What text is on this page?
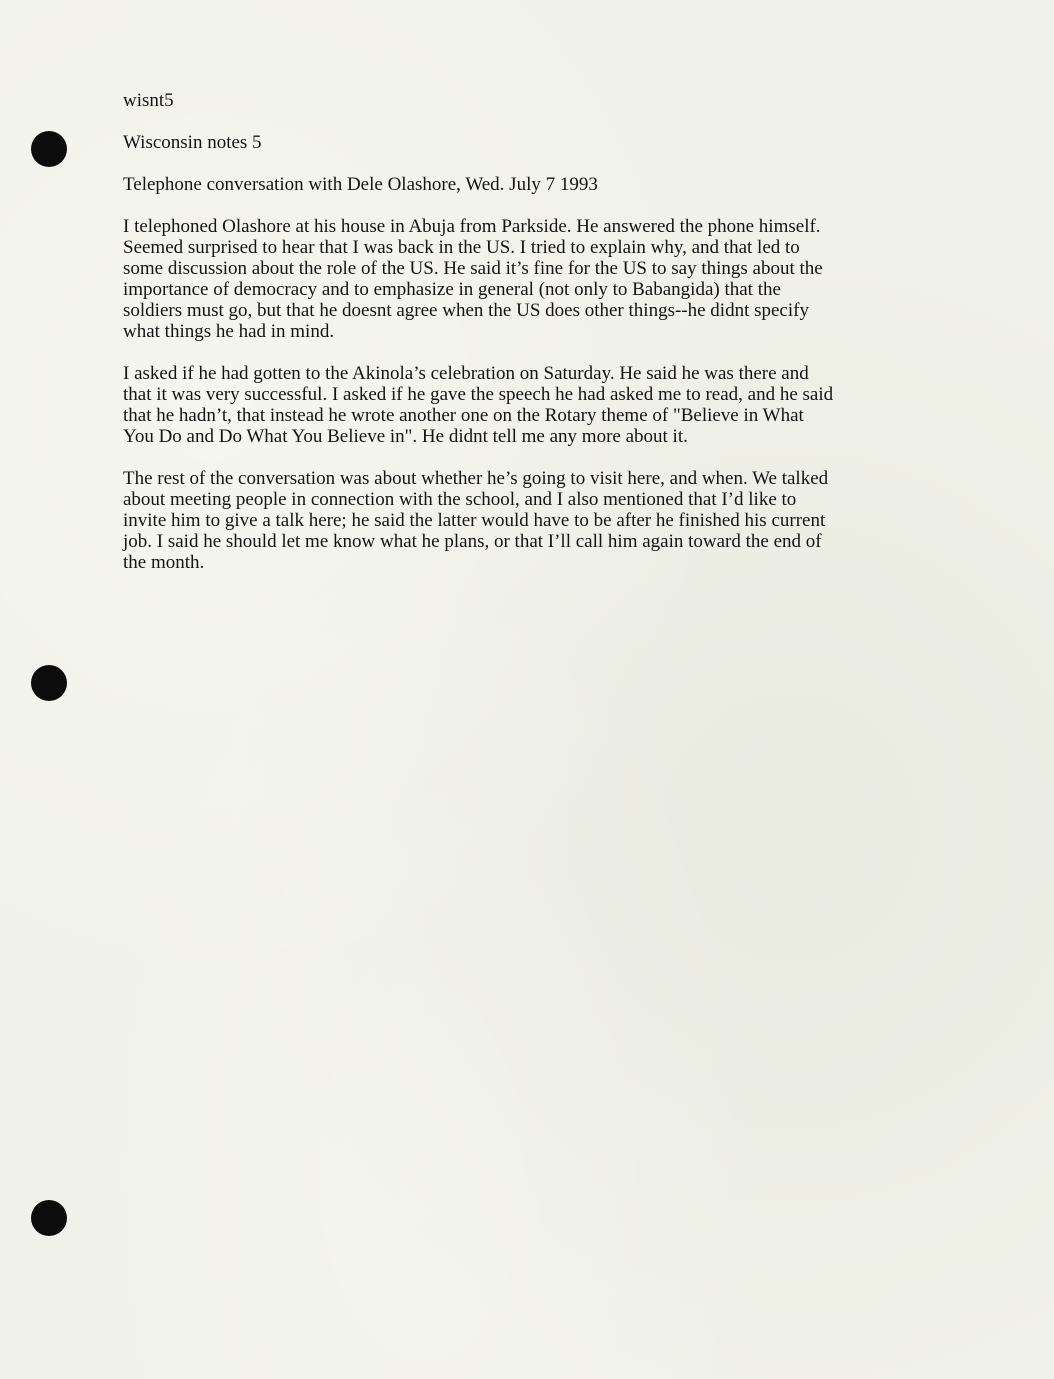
wisnt5

Wisconsin notes 5

Telephone conversation with Dele Olashore, Wed. July 7 1993

I telephoned Olashore at his house in Abuja from Parkside. He answered the phone himself.
Seemed surprised to hear that I was back in the US. I tried to explain why, and that led to
some discussion about the role of the US. He said it’s fine for the US to say things about the
importance of democracy and to emphasize in general (not only to Babangida) that the
soldiers must go, but that he doesnt agree when the US does other things--he didnt specify
what things he had in mind.

I asked if he had gotten to the Akinola’s celebration on Saturday. He said he was there and
that it was very successful. I asked if he gave the speech he had asked me to read, and he said
that he hadn’t, that instead he wrote another one on the Rotary theme of "Believe in What
You Do and Do What You Believe in". He didnt tell me any more about it.

The rest of the conversation was about whether he’s going to visit here, and when. We talked
about meeting people in connection with the school, and I also mentioned that I’d like to
invite him to give a talk here; he said the latter would have to be after he finished his current
job. I said he should let me know what he plans, or that I’ll call him again toward the end of
the month.
